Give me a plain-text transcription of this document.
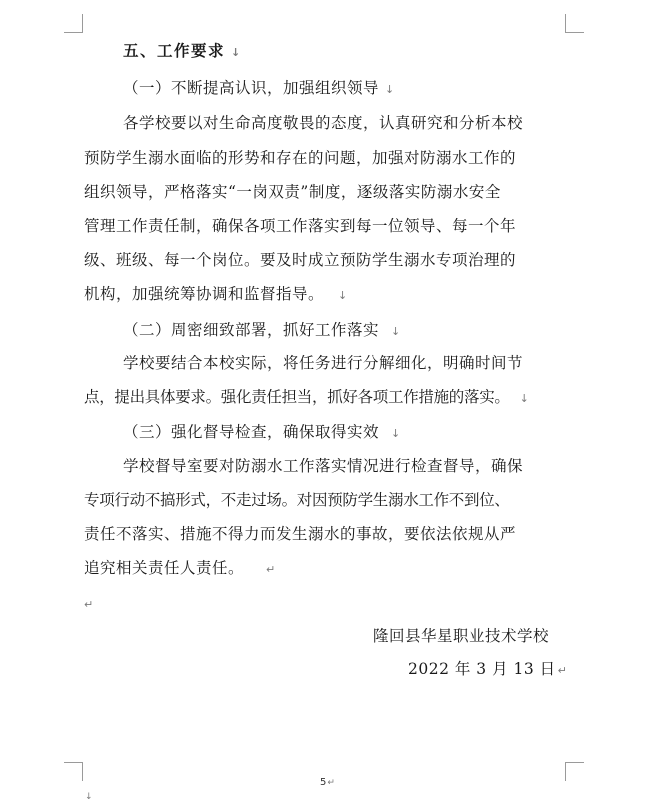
五、工作要求 ↓
（一）不断提高认识，加强组织领导 ↓
各学校要以对生命高度敬畏的态度，认真研究和分析本校
预防学生溺水面临的形势和存在的问题，加强对防溺水工作的
组织领导，严格落实“一岗双责”制度，逐级落实防溺水安全
管理工作责任制，确保各项工作落实到每一位领导、每一个年
级、班级、每一个岗位。要及时成立预防学生溺水专项治理的
机构，加强统筹协调和监督指导。 ↓
（二）周密细致部署，抓好工作落实 ↓
学校要结合本校实际，将任务进行分解细化，明确时间节
点，提出具体要求。强化责任担当，抓好各项工作措施的落实。 ↓
（三）强化督导检查，确保取得实效 ↓
学校督导室要对防溺水工作落实情况进行检查督导，确保
专项行动不搞形式，不走过场。对因预防学生溺水工作不到位、
责任不落实、措施不得力而发生溺水的事故，要依法依规从严
追究相关责任人责任。 ↵
↵
隆回县华星职业技术学校
2022 年 3 月 13 日 ↵
5↵
↓
